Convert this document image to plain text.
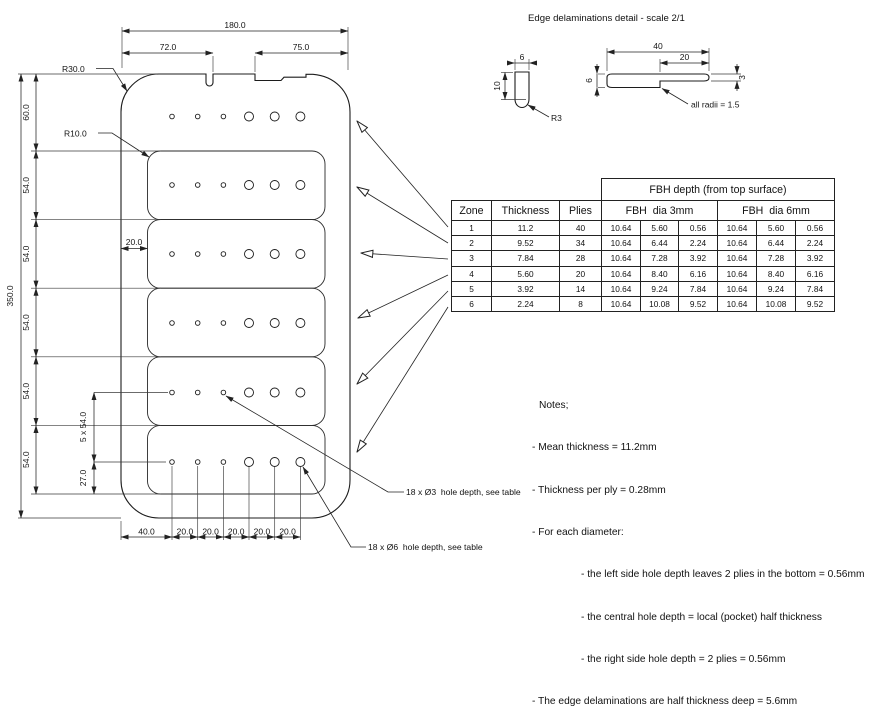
180.0
72.0	75.0
R30.0
R10.0
350.0
60.0
54.0
54.0
54.0
54.0
54.0
20.0
5 x 54.0
27.0
40.0	20.0 20.0 20.0 20.0 20.0
6
10
R3
40
20
6
3
all radii = 1.5
Edge delaminations detail - scale 2/1
18 x Ø3  hole depth, see table
18 x Ø6  hole depth, see table
			FBH depth (from top surface)					
Zone	Thickness	Plies	FBH  dia 3mm			FBH  dia 6mm		
1	11.2	40	10.64	5.60	0.56	10.64	5.60	0.56
2	9.52	34	10.64	6.44	2.24	10.64	6.44	2.24
3	7.84	28	10.64	7.28	3.92	10.64	7.28	3.92
4	5.60	20	10.64	8.40	6.16	10.64	8.40	6.16
5	3.92	14	10.64	9.24	7.84	10.64	9.24	7.84
6	2.24	8	10.64	10.08	9.52	10.64	10.08	9.52

Notes;

- Mean thickness = 11.2mm

- Thickness per ply = 0.28mm

- For each diameter:

- the left side hole depth leaves 2 plies in the bottom = 0.56mm

- the central hole depth = local (pocket) half thickness

- the right side hole depth = 2 plies = 0.56mm

- The edge delaminations are half thickness deep = 5.6mm
